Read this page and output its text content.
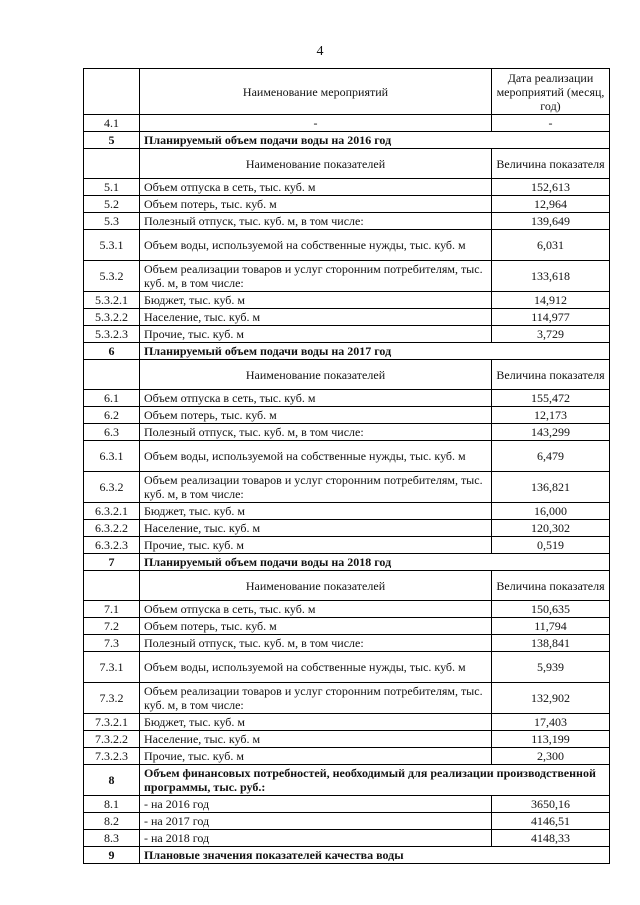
4
	Наименование мероприятий	Дата реализации мероприятий (месяц, год)
4.1	-	-
5	Планируемый объем подачи воды на 2016 год	
	Наименование показателей	Величина показателя
5.1	Объем отпуска в сеть, тыс. куб. м	152,613
5.2	Объем потерь, тыс. куб. м	12,964
5.3	Полезный отпуск, тыс. куб. м, в том числе:	139,649
5.3.1	Объем воды, используемой на собственные нужды, тыс. куб. м	6,031
5.3.2	Объем реализации товаров и услуг сторонним потребителям, тыс. куб. м, в том числе:	133,618
5.3.2.1	Бюджет, тыс. куб. м	14,912
5.3.2.2	Население, тыс. куб. м	114,977
5.3.2.3	Прочие, тыс. куб. м	3,729
6	Планируемый объем подачи воды на 2017 год	
	Наименование показателей	Величина показателя
6.1	Объем отпуска в сеть, тыс. куб. м	155,472
6.2	Объем потерь, тыс. куб. м	12,173
6.3	Полезный отпуск, тыс. куб. м, в том числе:	143,299
6.3.1	Объем воды, используемой на собственные нужды, тыс. куб. м	6,479
6.3.2	Объем реализации товаров и услуг сторонним потребителям, тыс. куб. м, в том числе:	136,821
6.3.2.1	Бюджет, тыс. куб. м	16,000
6.3.2.2	Население, тыс. куб. м	120,302
6.3.2.3	Прочие, тыс. куб. м	0,519
7	Планируемый объем подачи воды на 2018 год	
	Наименование показателей	Величина показателя
7.1	Объем отпуска в сеть, тыс. куб. м	150,635
7.2	Объем потерь, тыс. куб. м	11,794
7.3	Полезный отпуск, тыс. куб. м, в том числе:	138,841
7.3.1	Объем воды, используемой на собственные нужды, тыс. куб. м	5,939
7.3.2	Объем реализации товаров и услуг сторонним потребителям, тыс. куб. м, в том числе:	132,902
7.3.2.1	Бюджет, тыс. куб. м	17,403
7.3.2.2	Население, тыс. куб. м	113,199
7.3.2.3	Прочие, тыс. куб. м	2,300
8	Объем финансовых потребностей, необходимый для реализации производственной программы, тыс. руб.:	
8.1	- на 2016 год	3650,16
8.2	- на 2017 год	4146,51
8.3	- на 2018 год	4148,33
9	Плановые значения показателей качества воды	
